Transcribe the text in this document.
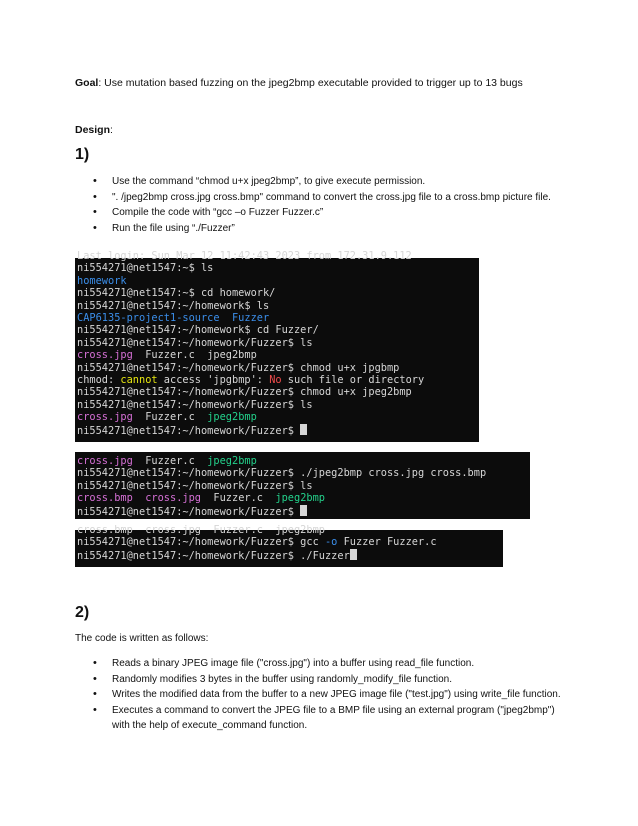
Goal: Use mutation based fuzzing on the jpeg2bmp executable provided to trigger up to 13 bugs
Design:
1)
• Use the command “chmod u+x jpeg2bmp”, to give execute permission.
• ". /jpeg2bmp cross.jpg cross.bmp" command to convert the cross.jpg file to a cross.bmp picture file.
• Compile the code with “gcc –o Fuzzer Fuzzer.c”
• Run the file using “./Fuzzer”
Last login: Sun Mar 12 11:42:43 2023 from 172.31.9.112
ni554271@net1547:~$ ls
homework
ni554271@net1547:~$ cd homework/
ni554271@net1547:~/homework$ ls
CAP6135-project1-source  Fuzzer
ni554271@net1547:~/homework$ cd Fuzzer/
ni554271@net1547:~/homework/Fuzzer$ ls
cross.jpg  Fuzzer.c  jpeg2bmp
ni554271@net1547:~/homework/Fuzzer$ chmod u+x jpgbmp
chmod: cannot access 'jpgbmp': No such file or directory
ni554271@net1547:~/homework/Fuzzer$ chmod u+x jpeg2bmp
ni554271@net1547:~/homework/Fuzzer$ ls
cross.jpg  Fuzzer.c  jpeg2bmp
ni554271@net1547:~/homework/Fuzzer$
cross.jpg  Fuzzer.c  jpeg2bmp
ni554271@net1547:~/homework/Fuzzer$ ./jpeg2bmp cross.jpg cross.bmp
ni554271@net1547:~/homework/Fuzzer$ ls
cross.bmp  cross.jpg  Fuzzer.c  jpeg2bmp
ni554271@net1547:~/homework/Fuzzer$
cross.bmp  cross.jpg  Fuzzer.c  jpeg2bmp
ni554271@net1547:~/homework/Fuzzer$ gcc -o Fuzzer Fuzzer.c
ni554271@net1547:~/homework/Fuzzer$ ./Fuzzer
2)
The code is written as follows:
• Reads a binary JPEG image file ("cross.jpg") into a buffer using read_file function.
• Randomly modifies 3 bytes in the buffer using randomly_modify_file function.
• Writes the modified data from the buffer to a new JPEG image file ("test.jpg") using write_file function.
• Executes a command to convert the JPEG file to a BMP file using an external program ("jpeg2bmp") with the help of execute_command function.
